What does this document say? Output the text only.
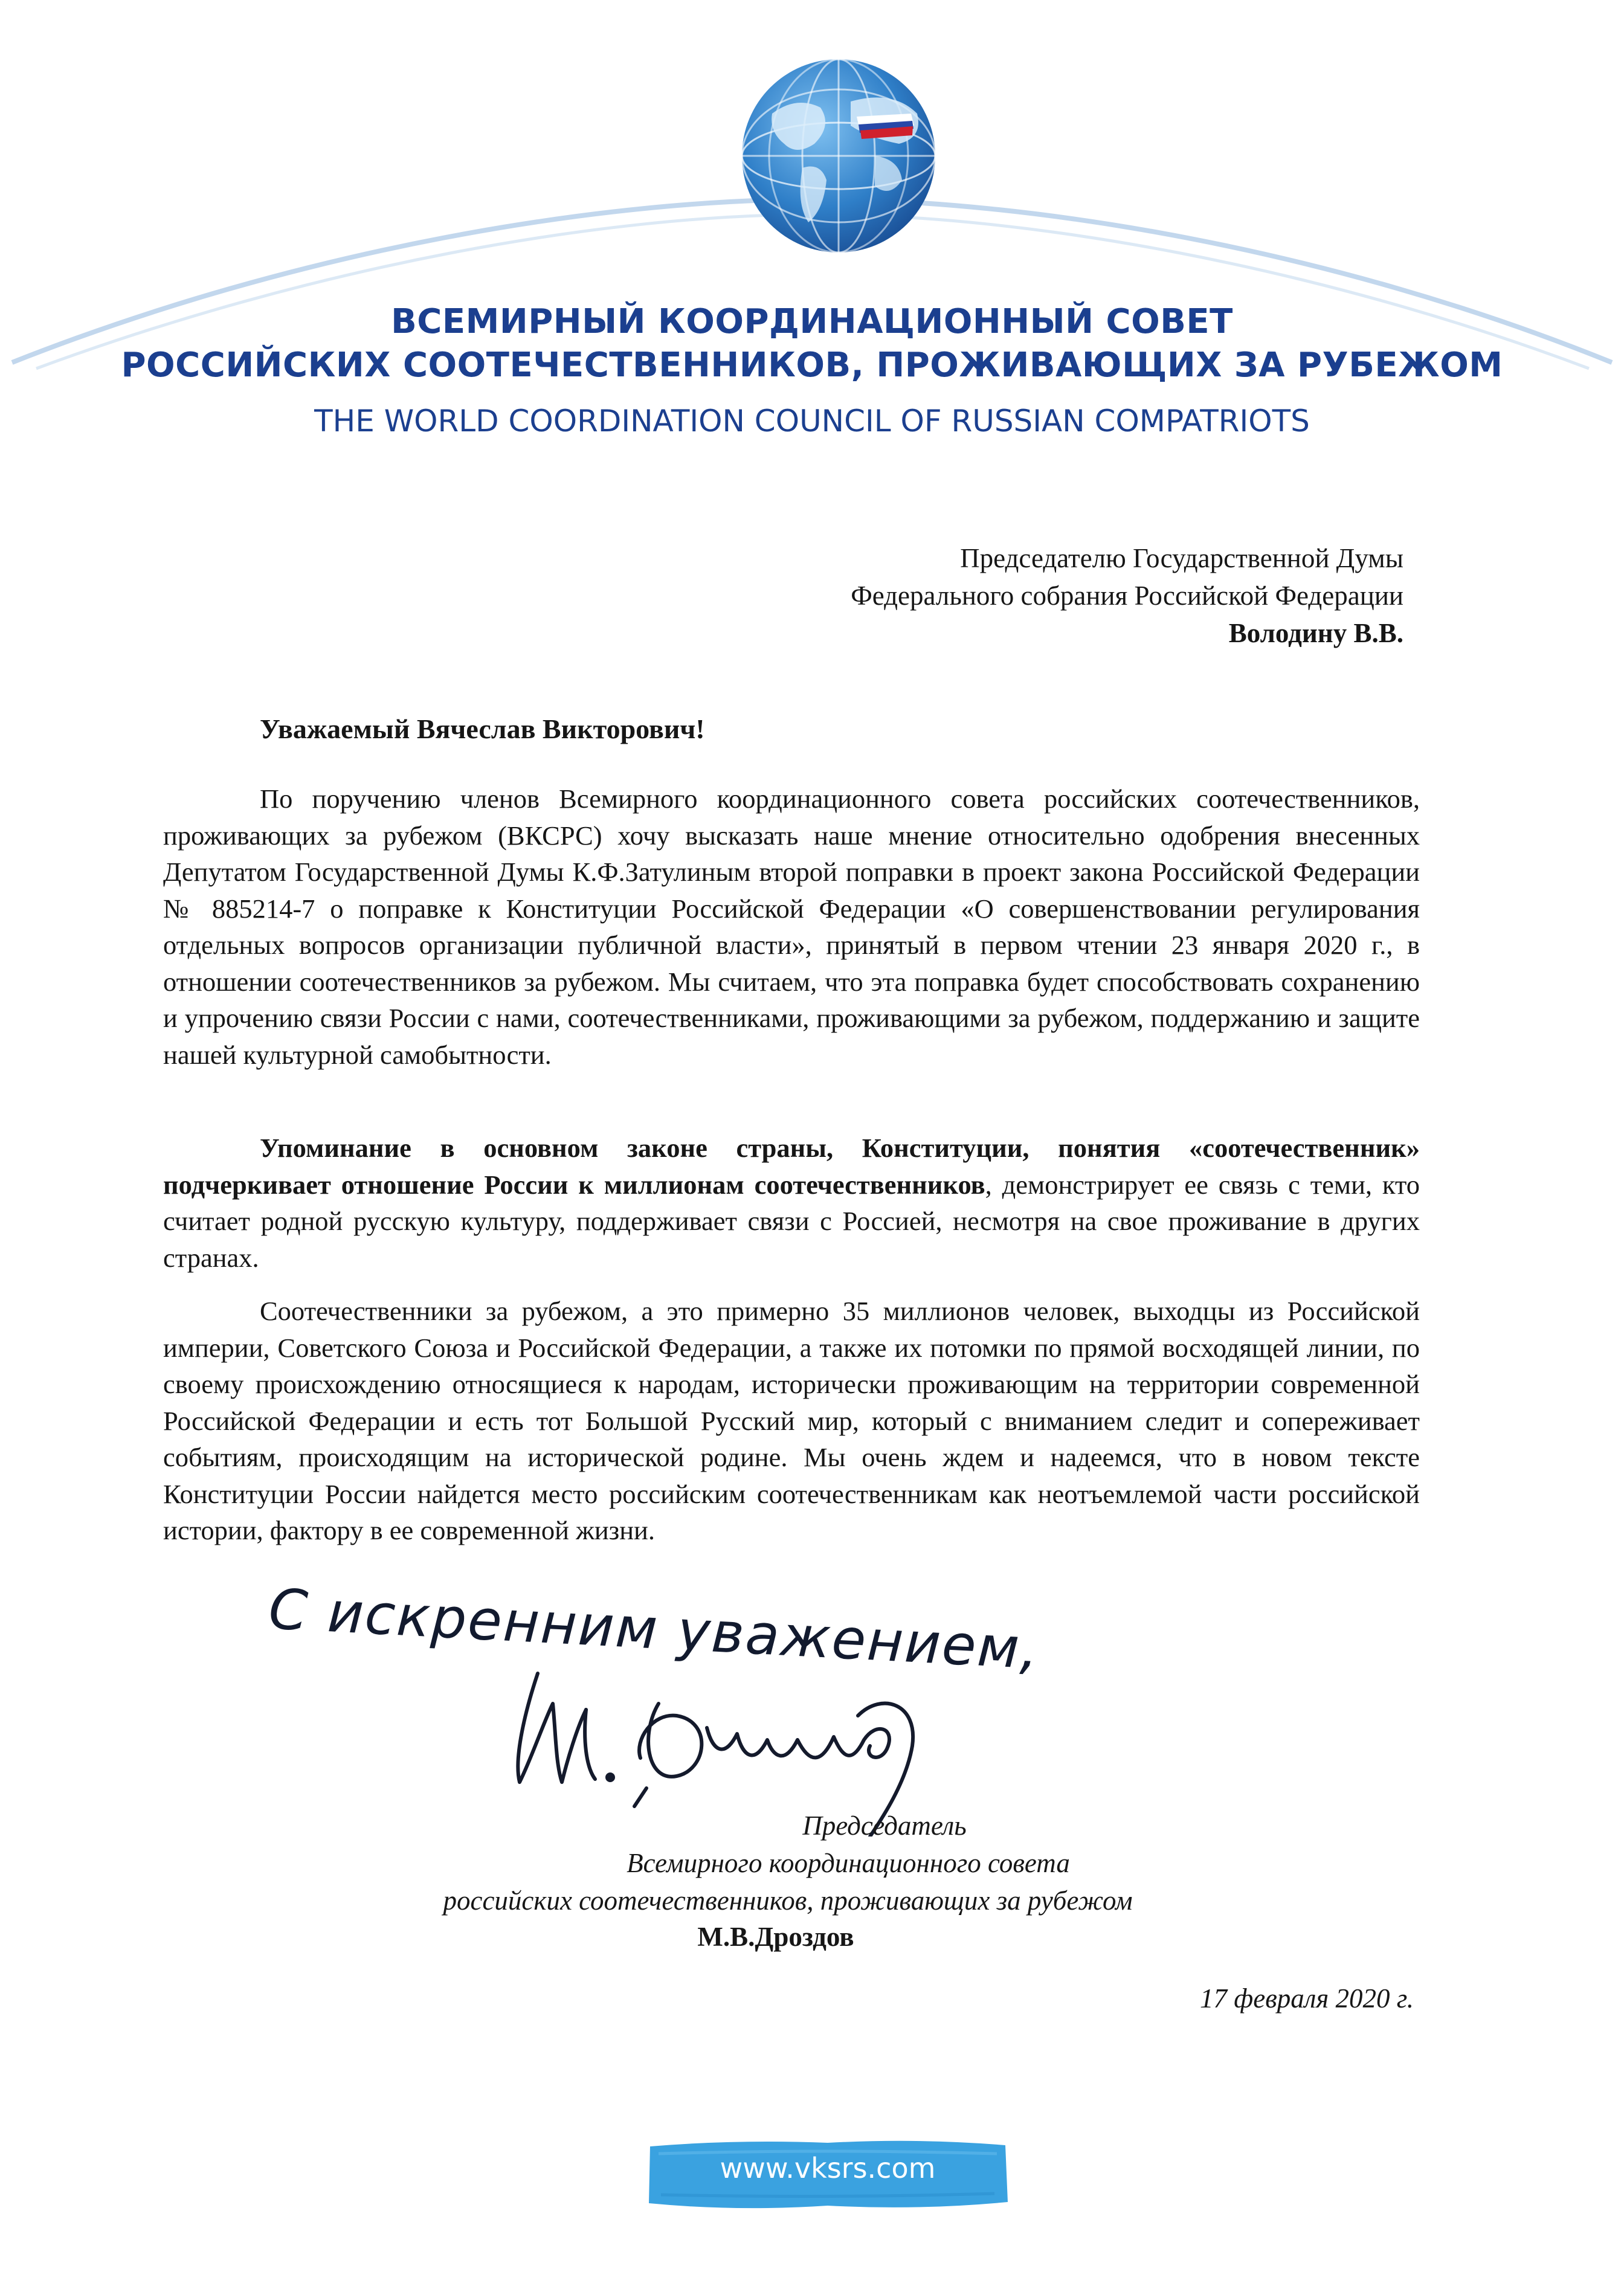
ВСЕМИРНЫЙ КООРДИНАЦИОННЫЙ СОВЕТ
РОССИЙСКИХ СООТЕЧЕСТВЕННИКОВ, ПРОЖИВАЮЩИХ ЗА РУБЕЖОМ
THE WORLD COORDINATION COUNCIL OF RUSSIAN COMPATRIOTS
Председателю Государственной Думы
Федерального собрания Российской Федерации
Володину В.В.
Уважаемый Вячеслав Викторович!

По поручению членов Всемирного координационного совета российских соотечественников, проживающих за рубежом (ВКСРС) хочу высказать наше мнение относительно одобрения внесенных Депутатом Государственной Думы К.Ф.Затулиным второй поправки в проект закона Российской Федерации № 885214-7 о поправке к Конституции Российской Федерации «О совершенствовании регулирования отдельных вопросов организации публичной власти», принятый в первом чтении 23 января 2020 г., в отношении соотечественников за рубежом. Мы считаем, что эта поправка будет способствовать сохранению и упрочению связи России с нами, соотечественниками, проживающими за рубежом, поддержанию и защите нашей культурной самобытности.

Упоминание в основном законе страны, Конституции, понятия «соотечественник» подчеркивает отношение России к миллионам соотечественников, демонстрирует ее связь с теми, кто считает родной русскую культуру, поддерживает связи с Россией, несмотря на свое проживание в других странах.

Соотечественники за рубежом, а это примерно 35 миллионов человек, выходцы из Российской империи, Советского Союза и Российской Федерации, а также их потомки по прямой восходящей линии, по своему происхождению относящиеся к народам, исторически проживающим на территории современной Российской Федерации и есть тот Большой Русский мир, который с вниманием следит и сопереживает событиям, происходящим на исторической родине. Мы очень ждем и надеемся, что в новом тексте Конституции России найдется место российским соотечественникам как неотъемлемой части российской истории, фактору в ее современной жизни.

С искренним уважением,
Председатель
Всемирного координационного совета
российских соотечественников, проживающих за рубежом
М.В.Дроздов
17 февраля 2020 г.
www.vksrs.com
